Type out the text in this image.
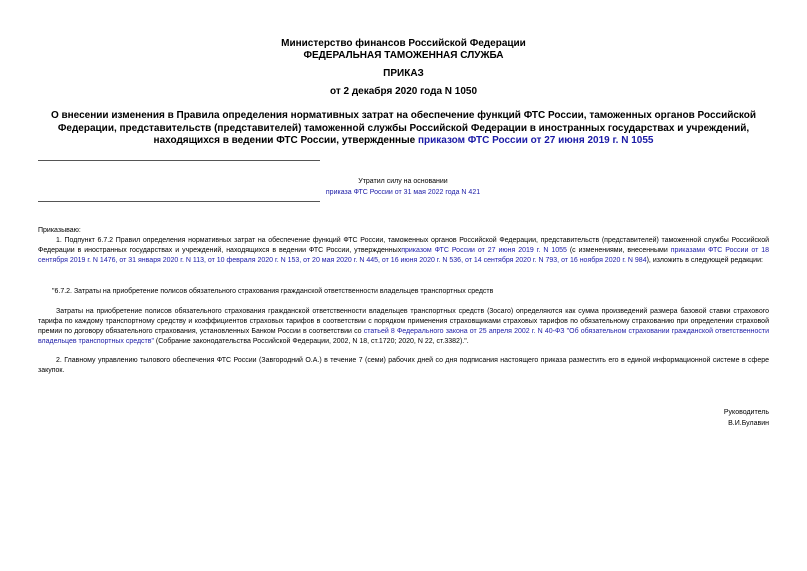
Министерство финансов Российской Федерации
ФЕДЕРАЛЬНАЯ ТАМОЖЕННАЯ СЛУЖБА
ПРИКАЗ
от 2 декабря 2020 года N 1050
О внесении изменения в Правила определения нормативных затрат на обеспечение функций ФТС России, таможенных органов Российской Федерации, представительств (представителей) таможенной службы Российской Федерации в иностранных государствах и учреждений, находящихся в ведении ФТС России, утвержденные приказом ФТС России от 27 июня 2019 г. N 1055
Утратил силу на основании
приказа ФТС России от 31 мая 2022 года N 421
Приказываю:
1. Подпункт 6.7.2 Правил определения нормативных затрат на обеспечение функций ФТС России, таможенных органов Российской Федерации, представительств (представителей) таможенной службы Российской Федерации в иностранных государствах и учреждений, находящихся в ведении ФТС России, утвержденныхприказом ФТС России от 27 июня 2019 г. N 1055 (с изменениями, внесенными приказами ФТС России от 18 сентября 2019 г. N 1476, от 31 января 2020 г. N 113, от 10 февраля 2020 г. N 153, от 20 мая 2020 г. N 445, от 16 июня 2020 г. N 536, от 14 сентября 2020 г. N 793, от 16 ноября 2020 г. N 984), изложить в следующей редакции:
"6.7.2. Затраты на приобретение полисов обязательного страхования гражданской ответственности владельцев транспортных средств
Затраты на приобретение полисов обязательного страхования гражданской ответственности владельцев транспортных средств (3осаго) определяются как сумма произведений размера базовой ставки страхового тарифа по каждому транспортному средству и коэффициентов страховых тарифов в соответствии с порядком применения страховщиками страховых тарифов по обязательному страхованию при определении страховой премии по договору обязательного страхования, установленных Банком России в соответствии со статьей 8 Федерального закона от 25 апреля 2002 г. N 40-ФЗ "Об обязательном страховании гражданской ответственности владельцев транспортных средств" (Собрание законодательства Российской Федерации, 2002, N 18, ст.1720; 2020, N 22, ст.3382).".
2. Главному управлению тылового обеспечения ФТС России (Завгородний О.А.) в течение 7 (семи) рабочих дней со дня подписания настоящего приказа разместить его в единой информационной системе в сфере закупок.
Руководитель
В.И.Булавин
